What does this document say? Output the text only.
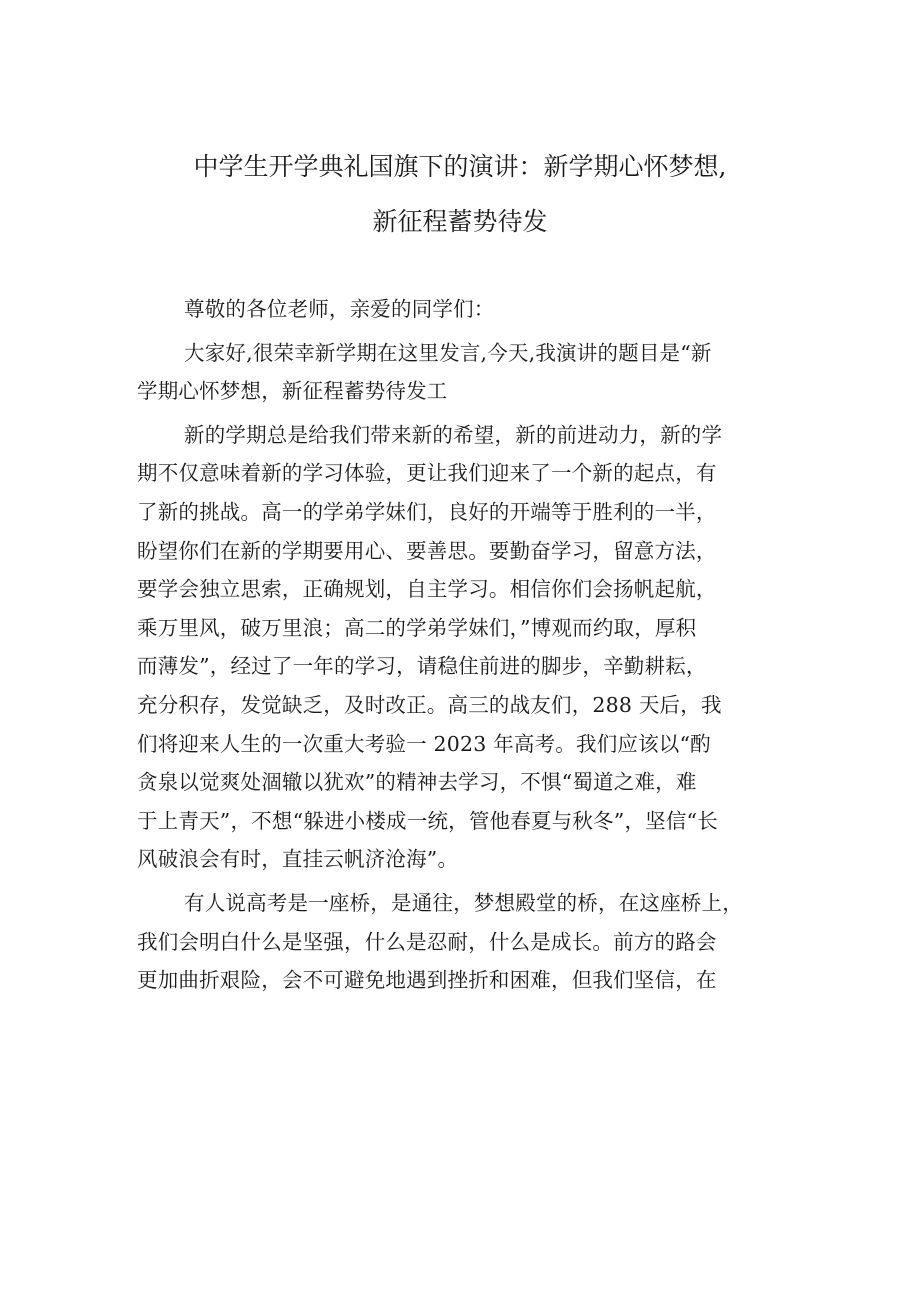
中学生开学典礼国旗下的演讲：新学期心怀梦想,
新征程蓄势待发
尊敬的各位老师，亲爱的同学们：
大家好,很荣幸新学期在这里发言,今天,我演讲的题目是“新
学期心怀梦想，新征程蓄势待发工
新的学期总是给我们带来新的希望，新的前进动力，新的学
期不仅意味着新的学习体验，更让我们迎来了一个新的起点，有
了新的挑战。高一的学弟学妹们，良好的开端等于胜利的一半，
盼望你们在新的学期要用心、要善思。要勤奋学习，留意方法，
要学会独立思索，正确规划，自主学习。相信你们会扬帆起航，
乘万里风，破万里浪；高二的学弟学妹们，”博观而约取，厚积
而薄发”，经过了一年的学习，请稳住前进的脚步，辛勤耕耘，
充分积存，发觉缺乏，及时改正。高三的战友们，288 天后，我
们将迎来人生的一次重大考验一 2023 年高考。我们应该以“酌
贪泉以觉爽处涸辙以犹欢”的精神去学习，不惧“蜀道之难，难
于上青天”，不想“躲进小楼成一统，管他春夏与秋冬”，坚信“长
风破浪会有时，直挂云帆济沧海”。
有人说高考是一座桥，是通往，梦想殿堂的桥，在这座桥上，
我们会明白什么是坚强，什么是忍耐，什么是成长。前方的路会
更加曲折艰险，会不可避免地遇到挫折和困难，但我们坚信，在
